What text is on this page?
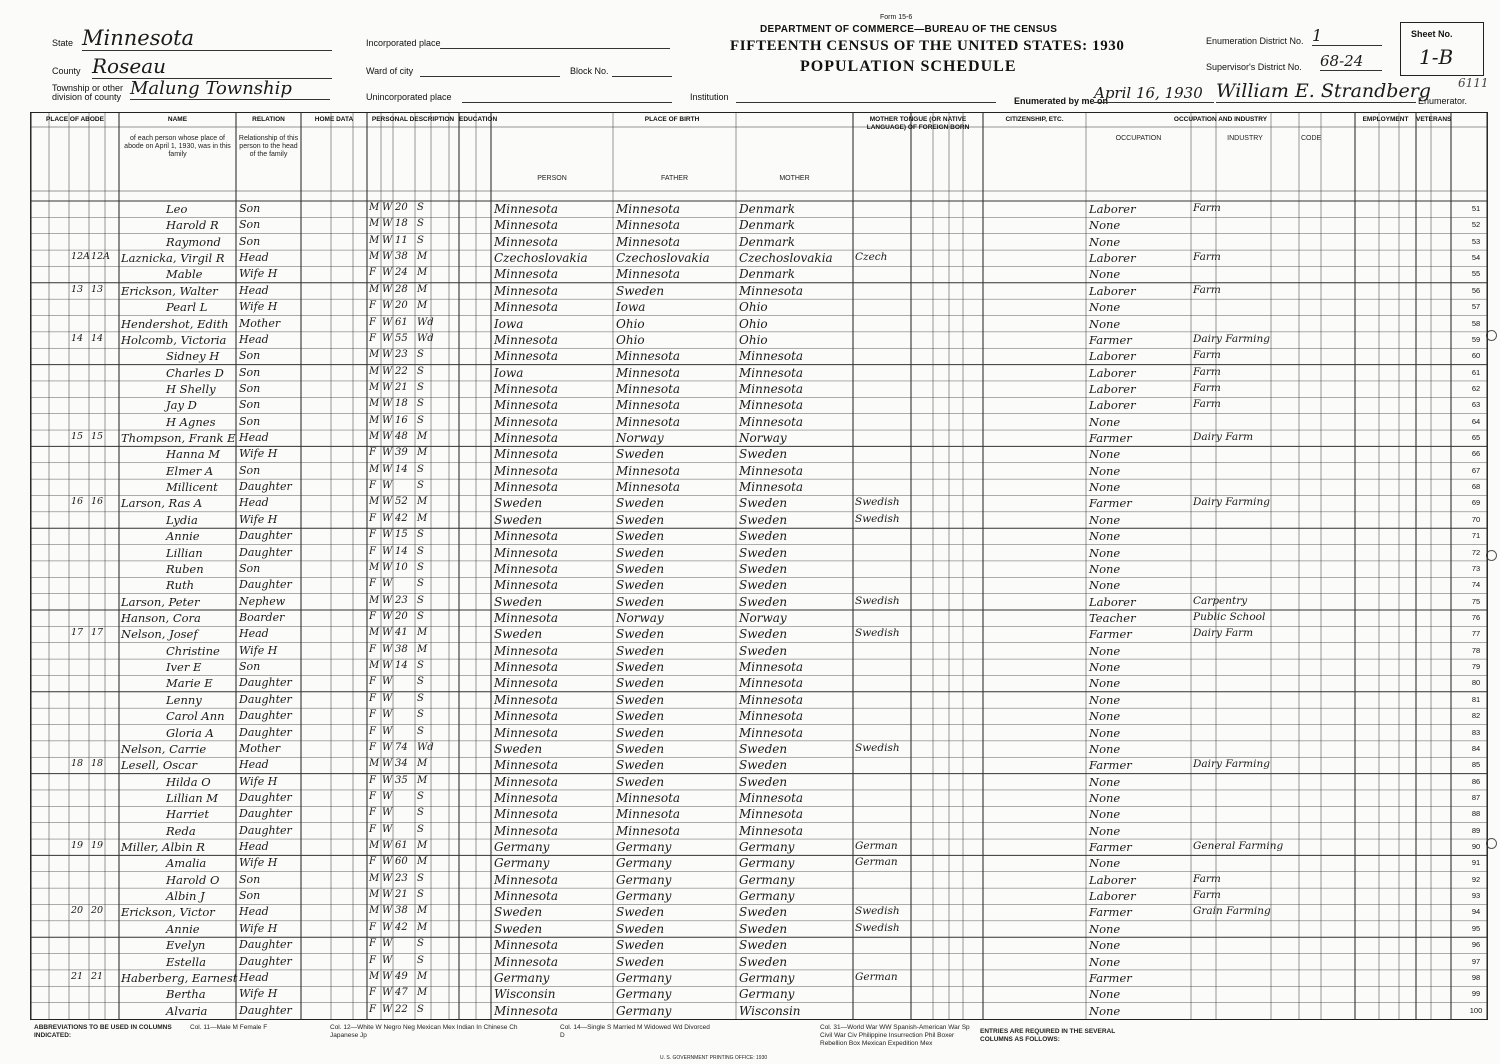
State Minnesota
County Roseau
Township or other division of county Malung Township
Incorporated place
Ward of city	Block No.
Unincorporated place
Form 15-6
DEPARTMENT OF COMMERCE—BUREAU OF THE CENSUS
FIFTEENTH CENSUS OF THE UNITED STATES: 1930
POPULATION SCHEDULE
Institution
Enumeration District No. 1
Supervisor's District No. 68-24
Sheet No.
1-B
6111
Enumerated by me on
April 16, 1930 William E. Strandberg
Enumerator.
PLACE OF ABODE	NAME	RELATION	HOME DATA	PERSONAL DESCRIPTION EDUCATION	PLACE OF BIRTH	MOTHER TONGUE (OR NATIVE LANGUAGE) OF FOREIGN BORN
CITIZENSHIP, ETC.	OCCUPATION AND INDUSTRY	EMPLOYMENT	VETERANS
of each person whose place of abode on April 1, 1930, was in this family
Relationship of this person to the head of the family
PERSON	FATHER	MOTHER
OCCUPATION	INDUSTRY	CODE
51
Leo	Son	M W 20 S	Minnesota	Minnesota	Denmark	Laborer	Farm
52
Harold R	Son	M W 18 S	Minnesota	Minnesota	Denmark	None
53
Raymond	Son	M W 11 S	Minnesota	Minnesota	Denmark	None
54
12A 12A Laznicka, Virgil R	Head	M W 38 M	Czechoslovakia	Czechoslovakia	Czechoslovakia	Czech	Laborer	Farm
55
Mable	Wife H	F W 24 M	Minnesota	Minnesota	Denmark	None
56
13 13	Erickson, Walter	Head	M W 28 M	Minnesota	Sweden	Minnesota	Laborer	Farm
57
Pearl L	Wife H	F W 20 M	Minnesota	Iowa	Ohio	None
58
Hendershot, Edith Mother	F W 61 Wd	Iowa	Ohio	Ohio	None
59
14 14	Holcomb, Victoria	Head	F W 55 Wd	Minnesota	Ohio	Ohio	Farmer	Dairy Farming
60
Sidney H	Son	M W 23 S	Minnesota	Minnesota	Minnesota	Laborer	Farm
61
Charles D	Son	M W 22 S	Iowa	Minnesota	Minnesota	Laborer	Farm
62
H Shelly	Son	M W 21 S	Minnesota	Minnesota	Minnesota	Laborer	Farm
63
Jay D	Son	M W 18 S	Minnesota	Minnesota	Minnesota	Laborer	Farm
64
H Agnes	Son	M W 16 S	Minnesota	Minnesota	Minnesota	None
65
15 15	Thompson, Frank E Head	M W 48 M	Minnesota	Norway	Norway	Farmer	Dairy Farm
66
Hanna M	Wife H	F W 39 M	Minnesota	Sweden	Sweden	None
67
Elmer A	Son	M W 14 S	Minnesota	Minnesota	Minnesota	None
68
Millicent	Daughter	F W S	Minnesota	Minnesota	Minnesota	None
69
16 16	Larson, Ras A	Head	M W 52 M	Sweden	Sweden	Sweden	Swedish	Farmer	Dairy Farming
70
Lydia	Wife H	F W 42 M	Sweden	Sweden	Sweden	Swedish	None
71
Annie	Daughter	F W 15 S	Minnesota	Sweden	Sweden	None
72
Lillian	Daughter	F W 14 S	Minnesota	Sweden	Sweden	None
73
Ruben	Son	M W 10 S	Minnesota	Sweden	Sweden	None
74
Ruth	Daughter	F W S	Minnesota	Sweden	Sweden	None
75
Larson, Peter	Nephew	M W 23 S	Sweden	Sweden	Sweden	Swedish	Laborer	Carpentry
76
Hanson, Cora	Boarder	F W 20 S	Minnesota	Norway	Norway	Teacher	Public School
77
17 17	Nelson, Josef	Head	M W 41 M	Sweden	Sweden	Sweden	Swedish	Farmer	Dairy Farm
78
Christine	Wife H	F W 38 M	Minnesota	Sweden	Sweden	None
79
Iver E	Son	M W 14 S	Minnesota	Sweden	Minnesota	None
80
Marie E	Daughter	F W S	Minnesota	Sweden	Minnesota	None
81
Lenny	Daughter	F W S	Minnesota	Sweden	Minnesota	None
82
Carol Ann	Daughter	F W S	Minnesota	Sweden	Minnesota	None
83
Gloria A	Daughter	F W S	Minnesota	Sweden	Minnesota	None
84
Nelson, Carrie	Mother	F W 74 Wd	Sweden	Sweden	Sweden	Swedish	None
85
18 18	Lesell, Oscar	Head	M W 34 M	Minnesota	Sweden	Sweden	Farmer	Dairy Farming
86
Hilda O	Wife H	F W 35 M	Minnesota	Sweden	Sweden	None
87
Lillian M	Daughter	F W S	Minnesota	Minnesota	Minnesota	None
88
Harriet	Daughter	F W S	Minnesota	Minnesota	Minnesota	None
89
Reda	Daughter	F W S	Minnesota	Minnesota	Minnesota	None
90
19 19	Miller, Albin R	Head	M W 61 M	Germany	Germany	Germany	German	Farmer	General Farming
91
Amalia	Wife H	F W 60 M	Germany	Germany	Germany	German	None
92
Harold O	Son	M W 23 S	Minnesota	Germany	Germany	Laborer	Farm
93
Albin J	Son	M W 21 S	Minnesota	Germany	Germany	Laborer	Farm
94
20 20	Erickson, Victor	Head	M W 38 M	Sweden	Sweden	Sweden	Swedish	Farmer	Grain Farming
95
Annie	Wife H	F W 42 M	Sweden	Sweden	Sweden	Swedish	None
96
Evelyn	Daughter	F W S	Minnesota	Sweden	Sweden	None
97
Estella	Daughter	F W S	Minnesota	Sweden	Sweden	None
98
21 21	Haberberg, Earnest Head	M W 49 M	Germany	Germany	Germany	German	Farmer
99
Bertha	Wife H	F W 47 M	Wisconsin	Germany	Germany	None
100
Alvaria	Daughter	F W 22 S	Minnesota	Germany	Wisconsin	None
ABBREVIATIONS TO BE USED IN COLUMNS INDICATED:
Col. 11—Male M Female F	Col. 12—White W Negro Neg Mexican Mex Indian In Chinese Ch Japanese Jp
Col. 14—Single S Married M Widowed Wd Divorced D
Col. 31—World War WW Spanish-American War Sp Civil War Civ Philippine Insurrection Phil Boxer Rebellion Box Mexican Expedition Mex
ENTRIES ARE REQUIRED IN THE SEVERAL COLUMNS AS FOLLOWS:
U. S. GOVERNMENT PRINTING OFFICE: 1930
